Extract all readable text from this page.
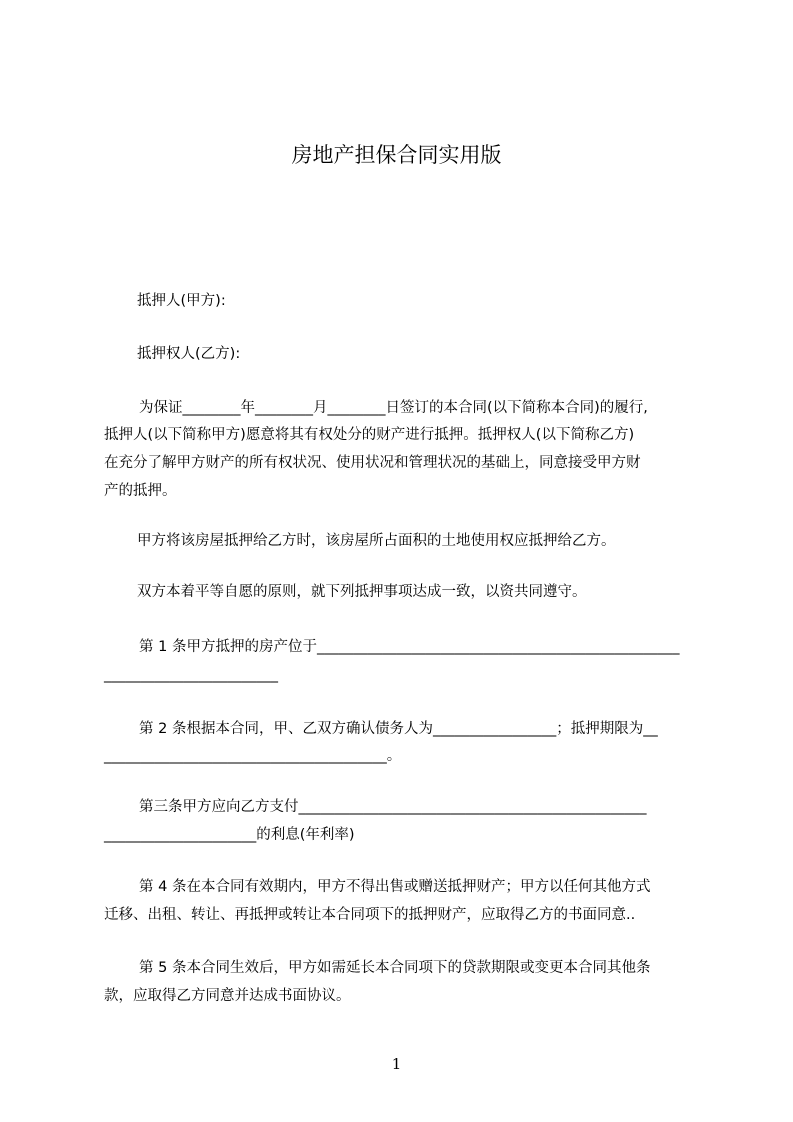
房地产担保合同实用版
抵押人(甲方):
抵押权人(乙方):
为保证________年________月________日签订的本合同(以下简称本合同)的履行,
抵押人(以下简称甲方)愿意将其有权处分的财产进行抵押。抵押权人(以下简称乙方)
在充分了解甲方财产的所有权状况、使用状况和管理状况的基础上，同意接受甲方财
产的抵押。
甲方将该房屋抵押给乙方时，该房屋所占面积的土地使用权应抵押给乙方。
双方本着平等自愿的原则，就下列抵押事项达成一致，以资共同遵守。
第 1 条甲方抵押的房产位于__________________________________________________
________________________
第 2 条根据本合同，甲、乙双方确认债务人为_________________；抵押期限为__
_______________________________________。
第三条甲方应向乙方支付________________________________________________
_____________________的利息(年利率)
第 4 条在本合同有效期内，甲方不得出售或赠送抵押财产；甲方以任何其他方式
迁移、出租、转让、再抵押或转让本合同项下的抵押财产，应取得乙方的书面同意..
第 5 条本合同生效后，甲方如需延长本合同项下的贷款期限或变更本合同其他条
款，应取得乙方同意并达成书面协议。
1
